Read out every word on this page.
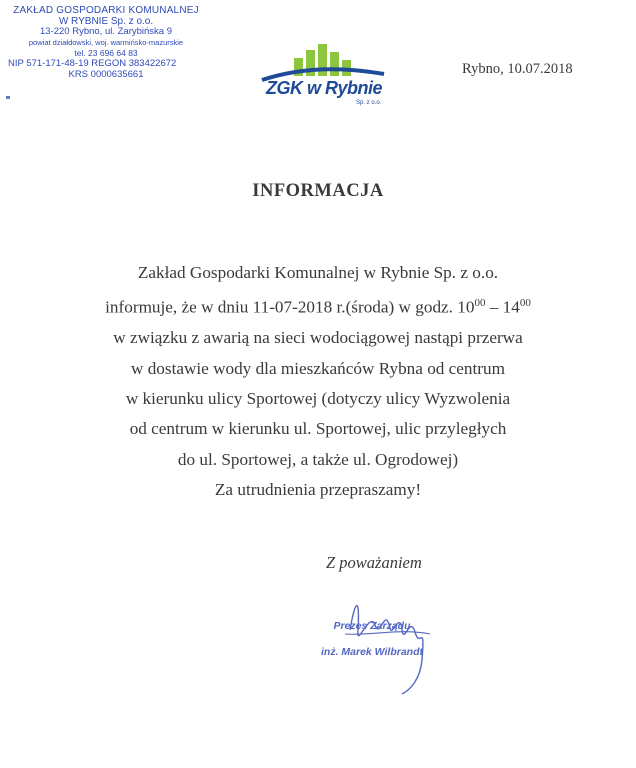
ZAKŁAD GOSPODARKI KOMUNALNEJ
W RYBNIE Sp. z o.o.
13-220 Rybno, ul. Zarybińska 9
powiat działdowski, woj. warmińsko-mazurskie
tel. 23 696 64 83
NIP 571-171-48-19 REGON 383422672
KRS 0000635661
ZGK w Rybnie
Sp. z o.o.
Rybno, 10.07.2018
INFORMACJA
Zakład Gospodarki Komunalnej w Rybnie Sp. z o.o.
informuje, że w dniu 11-07-2018 r.(środa) w godz. $10^{00} - 14^{00}$
w związku z awarią na sieci wodociągowej nastąpi przerwa
w dostawie wody dla mieszkańców Rybna od centrum
w kierunku ulicy Sportowej (dotyczy ulicy Wyzwolenia
od centrum w kierunku ul. Sportowej, ulic przyległych
do ul. Sportowej, a także ul. Ogrodowej)
Za utrudnienia przepraszamy!
Z poważaniem
Prezes Zarządu
inż. Marek Wilbrandt
